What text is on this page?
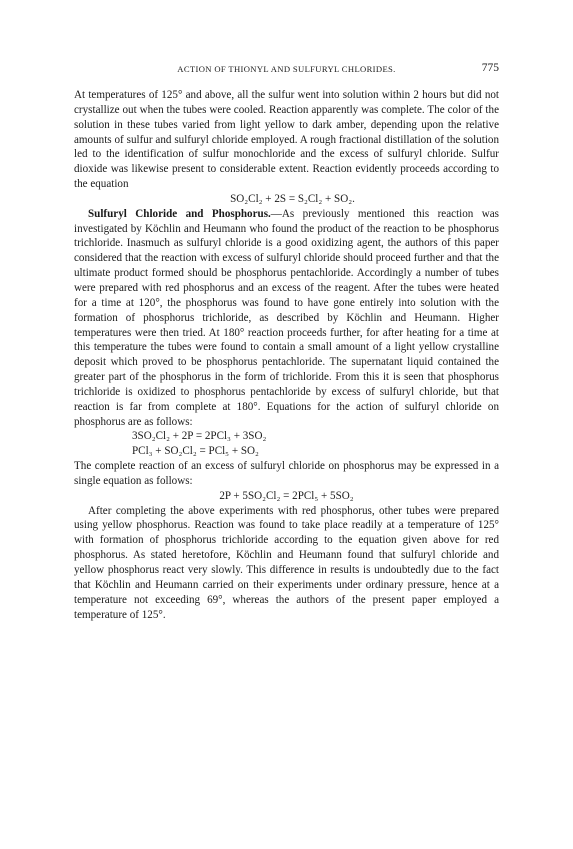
ACTION OF THIONYL AND SULFURYL CHLORIDES.	775

At temperatures of 125° and above, all the sulfur went into solution within 2 hours but did not crystallize out when the tubes were cooled. Reaction apparently was complete. The color of the solution in these tubes varied from light yellow to dark amber, depending upon the relative amounts of sulfur and sulfuryl chloride employed. A rough fractional distillation of the solution led to the identification of sulfur monochloride and the excess of sulfuryl chloride. Sulfur dioxide was likewise present to considerable extent. Reaction evidently proceeds according to the equation

SO₂Cl₂ + 2S = S₂Cl₂ + SO₂.

Sulfuryl Chloride and Phosphorus.—As previously mentioned this reaction was investigated by Köchlin and Heumann who found the product of the reaction to be phosphorus trichloride. Inasmuch as sulfuryl chloride is a good oxidizing agent, the authors of this paper considered that the reaction with excess of sulfuryl chloride should proceed further and that the ultimate product formed should be phosphorus pentachloride. Accordingly a number of tubes were prepared with red phosphorus and an excess of the reagent. After the tubes were heated for a time at 120°, the phosphorus was found to have gone entirely into solution with the formation of phosphorus trichloride, as described by Köchlin and Heumann. Higher temperatures were then tried. At 180° reaction proceeds further, for after heating for a time at this temperature the tubes were found to contain a small amount of a light yellow crystalline deposit which proved to be phosphorus pentachloride. The supernatant liquid contained the greater part of the phosphorus in the form of trichloride. From this it is seen that phosphorus trichloride is oxidized to phosphorus pentachloride by excess of sulfuryl chloride, but that reaction is far from complete at 180°. Equations for the action of sulfuryl chloride on phosphorus are as follows:

3SO₂Cl₂ + 2P = 2PCl₃ + 3SO₂

PCl₃ + SO₂Cl₂ = PCl₅ + SO₂

The complete reaction of an excess of sulfuryl chloride on phosphorus may be expressed in a single equation as follows:

2P + 5SO₂Cl₂ = 2PCl₅ + 5SO₂

After completing the above experiments with red phosphorus, other tubes were prepared using yellow phosphorus. Reaction was found to take place readily at a temperature of 125° with formation of phosphorus trichloride according to the equation given above for red phosphorus. As stated heretofore, Köchlin and Heumann found that sulfuryl chloride and yellow phosphorus react very slowly. This difference in results is undoubtedly due to the fact that Köchlin and Heumann carried on their experiments under ordinary pressure, hence at a temperature not exceeding 69°, whereas the authors of the present paper employed a temperature of 125°.
